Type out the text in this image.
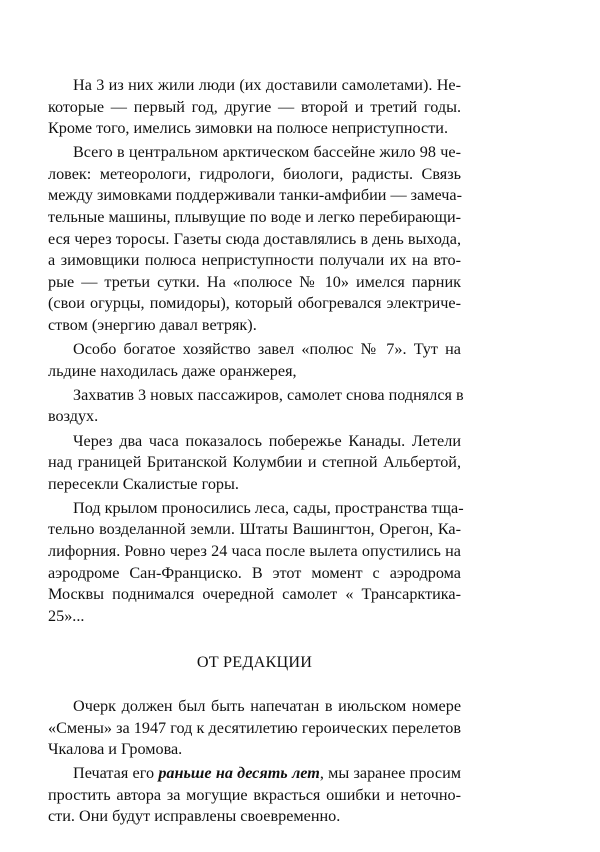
На 3 из них жили люди (их доставили самолетами). Не-
которые — первый год, другие — второй и третий годы.
Кроме того, имелись зимовки на полюсе неприступности.
Всего в центральном арктическом бассейне жило 98 че-
ловек: метеорологи, гидрологи, биологи, радисты. Связь
между зимовками поддерживали танки-амфибии — замеча-
тельные машины, плывущие по воде и легко перебирающи-
еся через торосы. Газеты сюда доставлялись в день выхода,
а зимовщики полюса неприступности получали их на вто-
рые — третьи сутки. На «полюсе № 10» имелся парник
(свои огурцы, помидоры), который обогревался электриче-
ством (энергию давал ветряк).
Особо богатое хозяйство завел «полюс № 7». Тут на
льдине находилась даже оранжерея,
Захватив 3 новых пассажиров, самолет снова поднялся в
воздух.
Через два часа показалось побережье Канады. Летели
над границей Британской Колумбии и степной Альбертой,
пересекли Скалистые горы.
Под крылом проносились леса, сады, пространства тща-
тельно возделанной земли. Штаты Вашингтон, Орегон, Ка-
лифорния. Ровно через 24 часа после вылета опустились на
аэродроме Сан-Франциско. В этот момент с аэродрома
Москвы поднимался очередной самолет « Трансарктика-
25»...
ОТ РЕДАКЦИИ
Очерк должен был быть напечатан в июльском номере
«Смены» за 1947 год к десятилетию героических перелетов
Чкалова и Громова.
Печатая его раньше на десять лет, мы заранее просим
простить автора за могущие вкрасться ошибки и неточно-
сти. Они будут исправлены своевременно.
